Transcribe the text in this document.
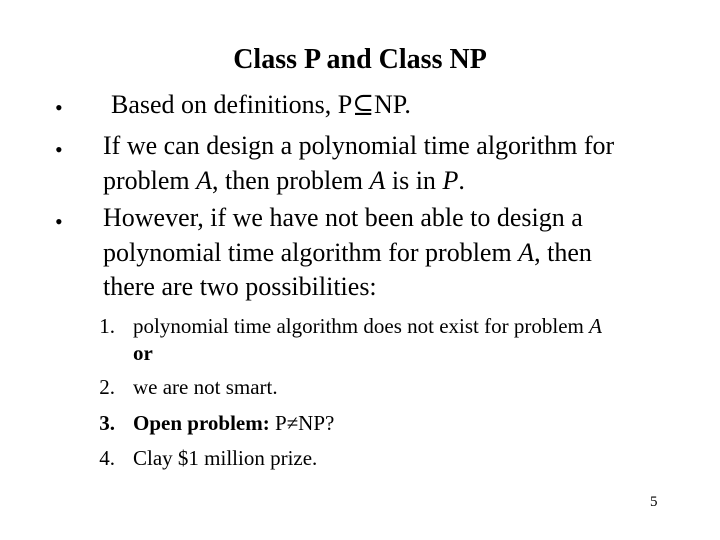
Class P and Class NP
• Based on definitions, P⊆NP.
• If we can design a polynomial time algorithm for
problem A, then problem A is in P.
• However, if we have not been able to design a
polynomial time algorithm for problem A, then
there are two possibilities:
1. polynomial time algorithm does not exist for problem A
or
2. we are not smart.
3. Open problem: P≠NP?
4. Clay $1 million prize.
5
